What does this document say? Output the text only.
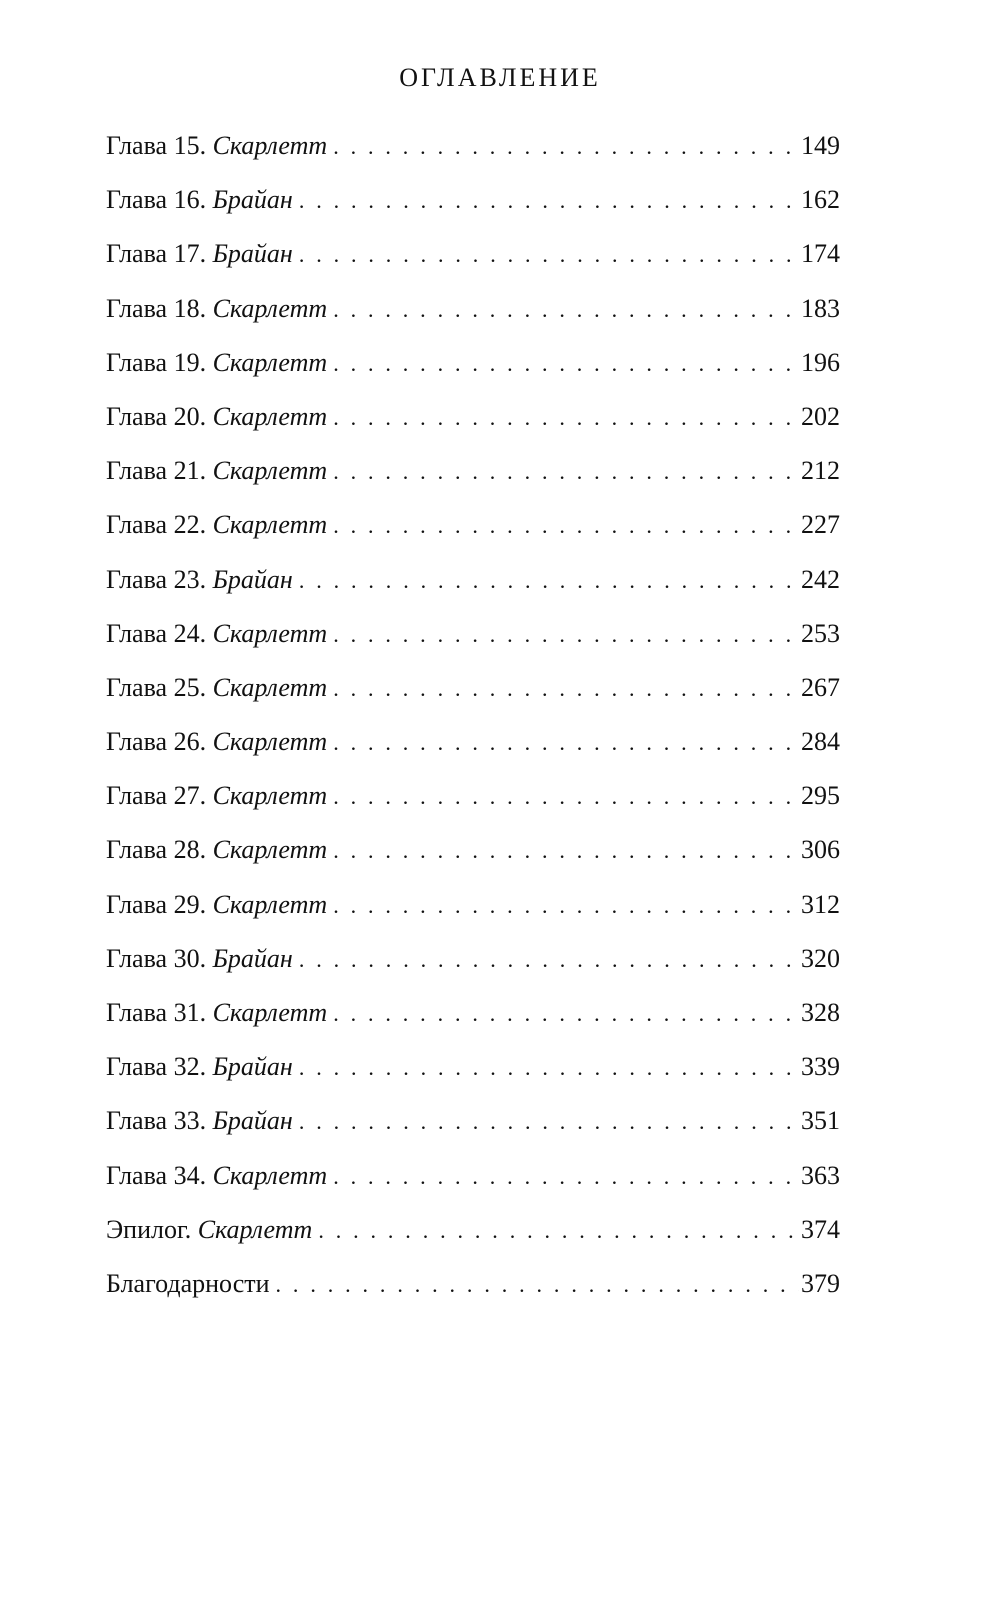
ОГЛАВЛЕНИЕ
Глава 15. Скарлетт . . .	149
Глава 16. Брайан . . .	162
Глава 17. Брайан . . .	174
Глава 18. Скарлетт . . .	183
Глава 19. Скарлетт . . .	196
Глава 20. Скарлетт . . .	202
Глава 21. Скарлетт . . .	212
Глава 22. Скарлетт . . .	227
Глава 23. Брайан . . .	242
Глава 24. Скарлетт . . .	253
Глава 25. Скарлетт . . .	267
Глава 26. Скарлетт . . .	284
Глава 27. Скарлетт . . .	295
Глава 28. Скарлетт . . .	306
Глава 29. Скарлетт . . .	312
Глава 30. Брайан . . .	320
Глава 31. Скарлетт . . .	328
Глава 32. Брайан . . .	339
Глава 33. Брайан . . .	351
Глава 34. Скарлетт . . .	363
Эпилог. Скарлетт . . .	374
Благодарности . . .	379
